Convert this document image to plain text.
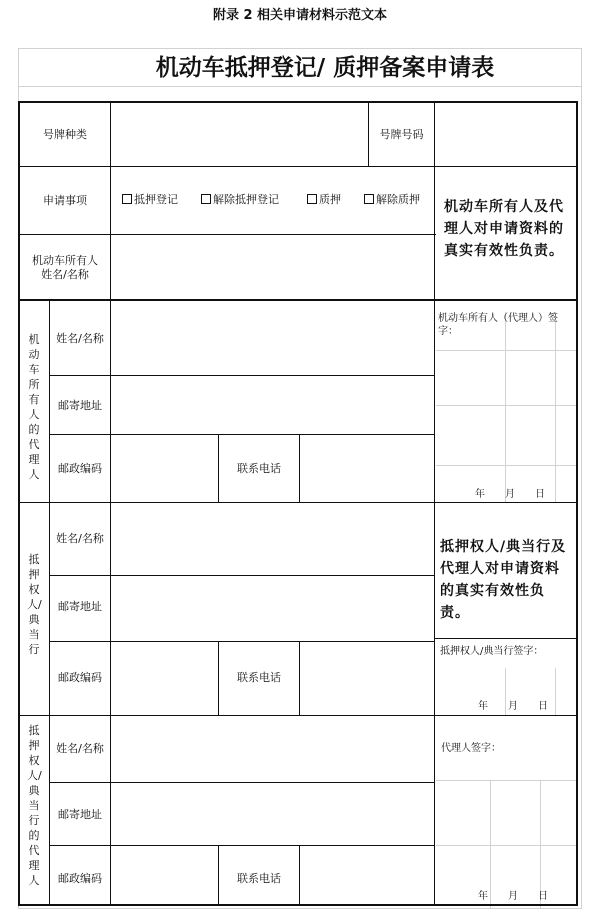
附录 2 相关申请材料示范文本
机动车抵押登记/ 质押备案申请表
号牌种类	号牌号码
申请事项	抵押登记	解除抵押登记	质押	解除质押
机动车所有人
姓名/名称
机动车所有人及代理人对申请资料的真实有效性负责。
机动车所有人的代理人
姓名/名称
邮寄地址
邮政编码	联系电话
机动车所有人（代理人）签字：
年　　月　　日
抵押权人/典当行
姓名/名称
邮寄地址
邮政编码	联系电话
抵押权人/典当行及代理人对申请资料的真实有效性负责。
抵押权人/典当行签字：
年　　月　　日
抵押权人/典当行的代理人
姓名/名称
邮寄地址
邮政编码	联系电话
代理人签字：
年　　月　　日
